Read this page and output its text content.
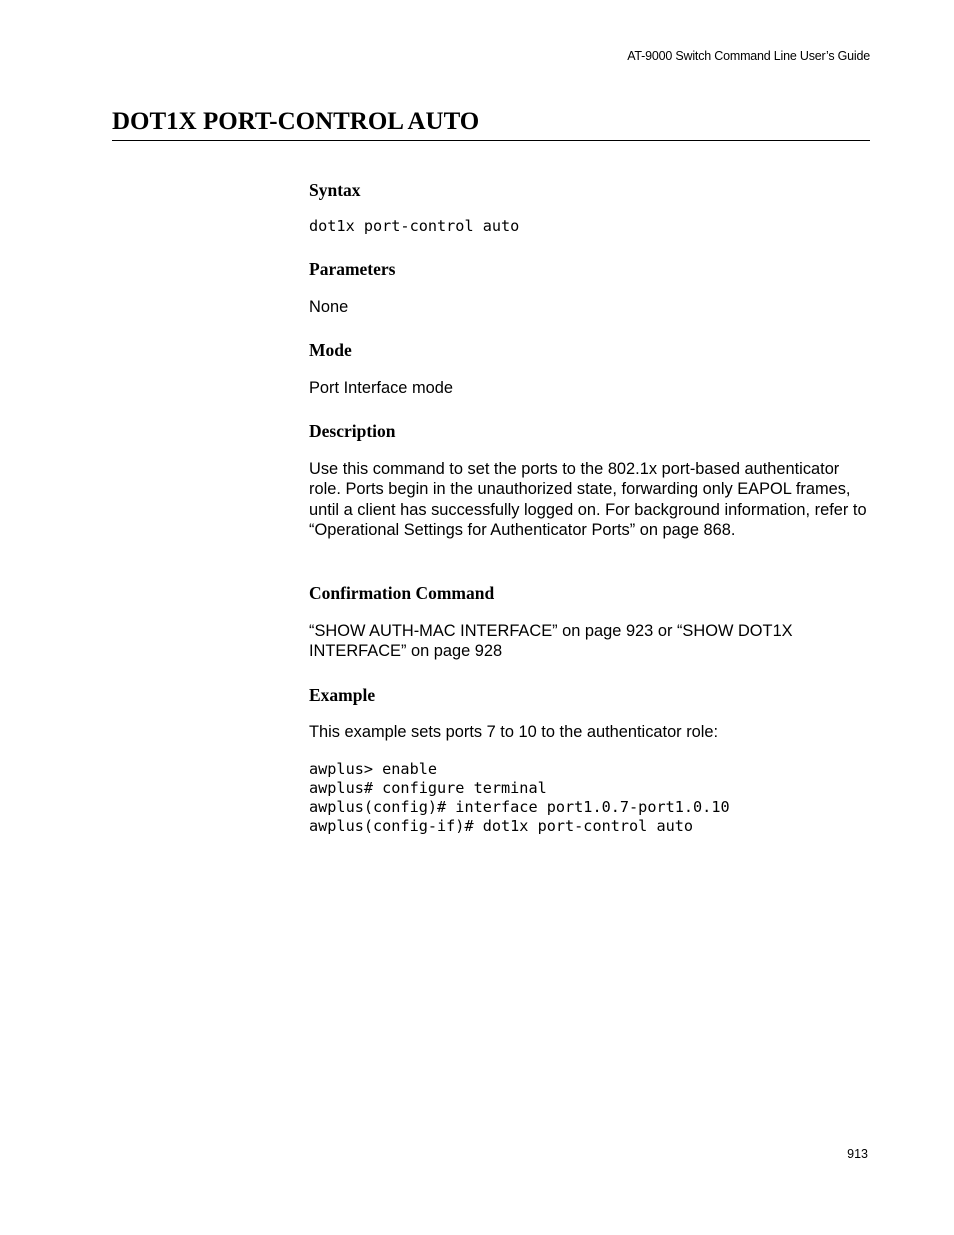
AT-9000 Switch Command Line User’s Guide
DOT1X PORT-CONTROL AUTO
Syntax
dot1x port-control auto
Parameters

None

Mode

Port Interface mode

Description

Use this command to set the ports to the 802.1x port-based authenticator role. Ports begin in the unauthorized state, forwarding only EAPOL frames, until a client has successfully logged on. For background information, refer to “Operational Settings for Authenticator Ports” on page 868.

Confirmation Command

“SHOW AUTH-MAC INTERFACE” on page 923 or “SHOW DOT1X INTERFACE” on page 928

Example

This example sets ports 7 to 10 to the authenticator role:

awplus> enable
awplus# configure terminal
awplus(config)# interface port1.0.7-port1.0.10
awplus(config-if)# dot1x port-control auto
913
